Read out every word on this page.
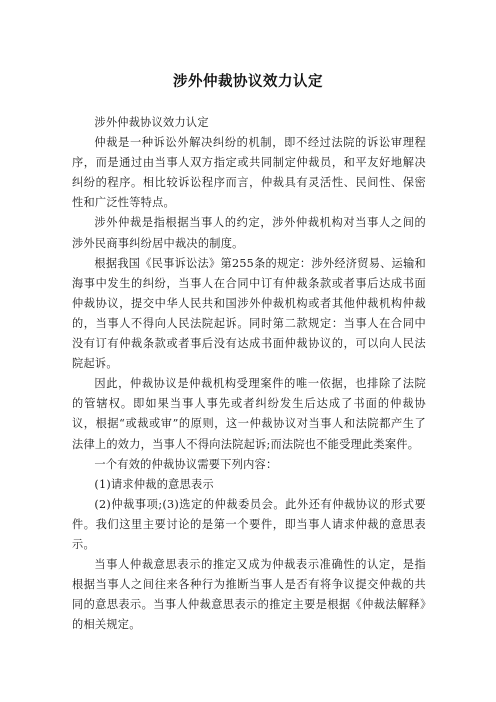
涉外仲裁协议效力认定

涉外仲裁协议效力认定

仲裁是一种诉讼外解决纠纷的机制，即不经过法院的诉讼审理程序，而是通过由当事人双方指定或共同制定仲裁员，和平友好地解决纠纷的程序。相比较诉讼程序而言，仲裁具有灵活性、民间性、保密性和广泛性等特点。

涉外仲裁是指根据当事人的约定，涉外仲裁机构对当事人之间的涉外民商事纠纷居中裁决的制度。

根据我国《民事诉讼法》第255条的规定：涉外经济贸易、运输和海事中发生的纠纷，当事人在合同中订有仲裁条款或者事后达成书面仲裁协议，提交中华人民共和国涉外仲裁机构或者其他仲裁机构仲裁的，当事人不得向人民法院起诉。同时第二款规定：当事人在合同中没有订有仲裁条款或者事后没有达成书面仲裁协议的，可以向人民法院起诉。

因此，仲裁协议是仲裁机构受理案件的唯一依据，也排除了法院的管辖权。即如果当事人事先或者纠纷发生后达成了书面的仲裁协议，根据“或裁或审”的原则，这一仲裁协议对当事人和法院都产生了法律上的效力，当事人不得向法院起诉;而法院也不能受理此类案件。

一个有效的仲裁协议需要下列内容：

(1)请求仲裁的意思表示

(2)仲裁事项;(3)选定的仲裁委员会。此外还有仲裁协议的形式要件。我们这里主要讨论的是第一个要件，即当事人请求仲裁的意思表示。

当事人仲裁意思表示的推定又成为仲裁表示准确性的认定，是指根据当事人之间往来各种行为推断当事人是否有将争议提交仲裁的共同的意思表示。当事人仲裁意思表示的推定主要是根据《仲裁法解释》的相关规定。
